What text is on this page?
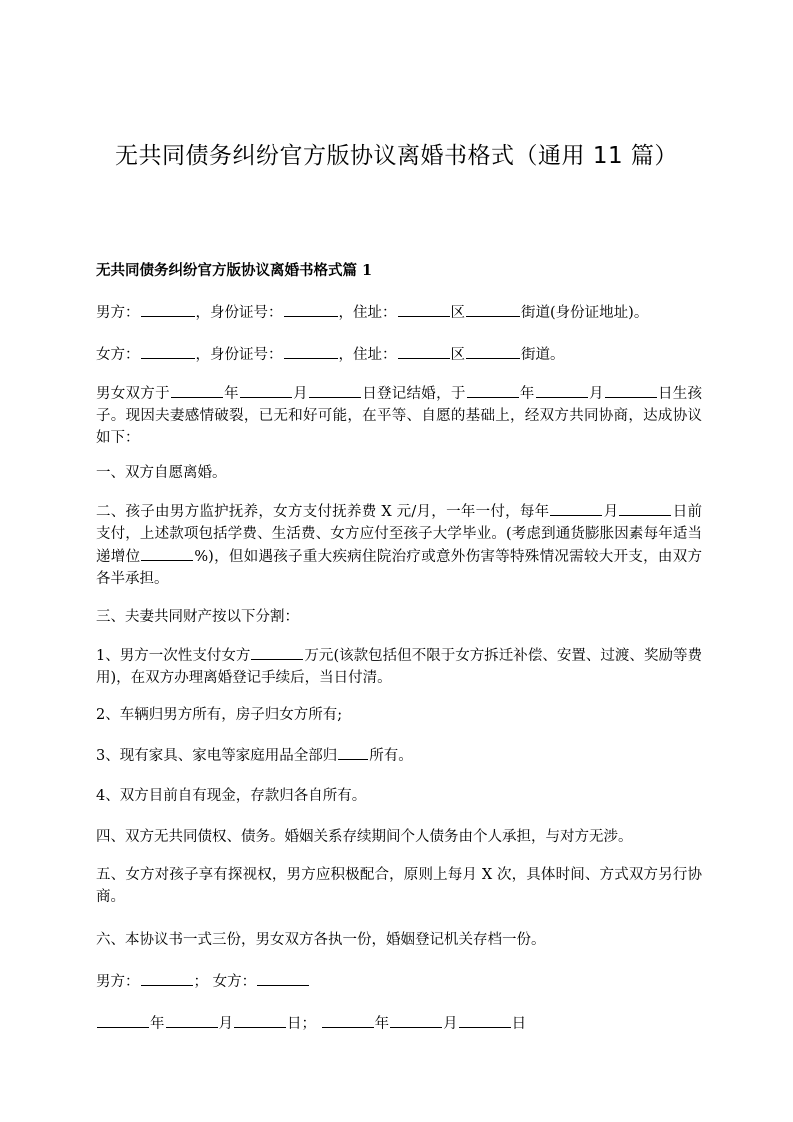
无共同债务纠纷官方版协议离婚书格式（通用 11 篇）
无共同债务纠纷官方版协议离婚书格式篇 1

男方：	，身份证号：	，住址：	区	街道(身份证地址)。

女方：	，身份证号：	，住址：	区	街道。

男女双方于	年	月	日登记结婚，于	年	月	日生孩子。现因夫妻感情破裂，已无和好可能，在平等、自愿的基础上，经双方共同协商，达成协议如下：

一、双方自愿离婚。

二、孩子由男方监护抚养，女方支付抚养费 X 元/月，一年一付，每年	月	日前支付，上述款项包括学费、生活费、女方应付至孩子大学毕业。(考虑到通货膨胀因素每年适当递增位	%)，但如遇孩子重大疾病住院治疗或意外伤害等特殊情况需较大开支，由双方各半承担。

三、夫妻共同财产按以下分割：

1、男方一次性支付女方	万元(该款包括但不限于女方拆迁补偿、安置、过渡、奖励等费用)，在双方办理离婚登记手续后，当日付清。

2、车辆归男方所有，房子归女方所有;

3、现有家具、家电等家庭用品全部归 所有。

4、双方目前自有现金，存款归各自所有。

四、双方无共同债权、债务。婚姻关系存续期间个人债务由个人承担，与对方无涉。

五、女方对孩子享有探视权，男方应积极配合，原则上每月 X 次，具体时间、方式双方另行协商。

六、本协议书一式三份，男女双方各执一份，婚姻登记机关存档一份。

男方：	； 女方：

年	月	日；	年	月	日
